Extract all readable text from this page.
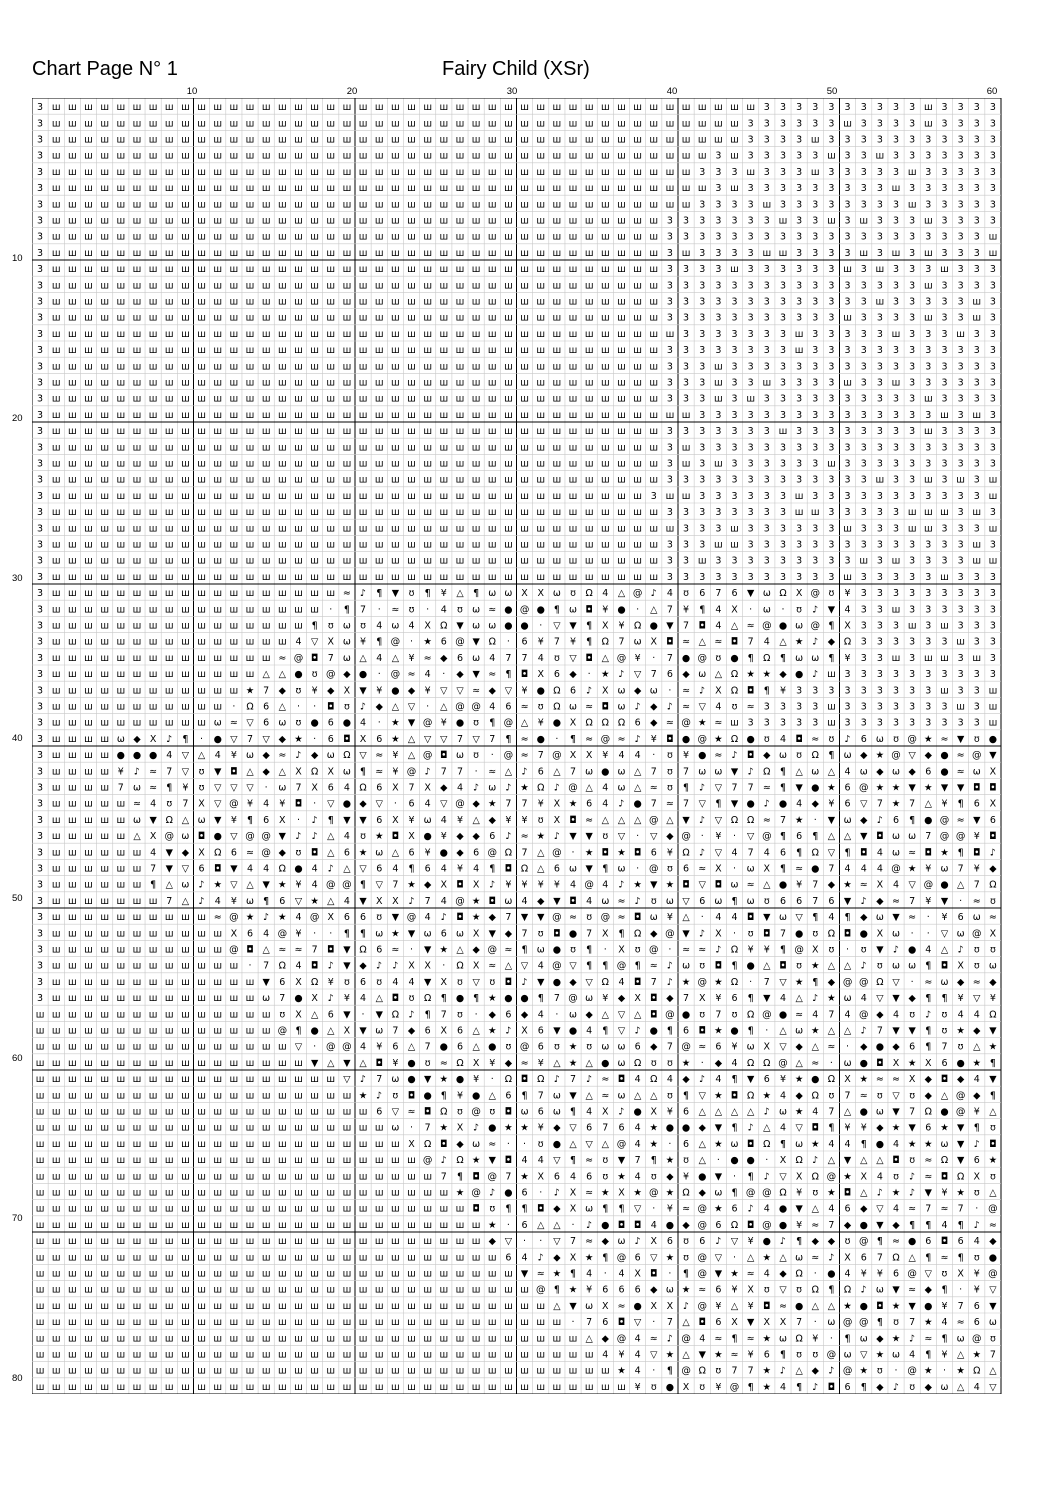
Chart Page N° 1	Fairy Child (XSr)
10	20	30	40	50	60
10
20
30
40
50
60
70
80
3 ш ш ш ш ш ш ш ш ш ш ш ш ш ш ш ш ш ш ш ш ш ш ш ш ш ш ш ш ш ш ш ш ш ш ш ш ш ш ш ш ш ш ш ш 3 3 3 3 3 3 3 3 3 3 ш 3 3 3 3
3 ш ш ш ш ш ш ш ш ш ш ш ш ш ш ш ш ш ш ш ш ш ш ш ш ш ш ш ш ш ш ш ш ш ш ш ш ш ш ш ш ш ш ш 3 3 3 3 3 3 ш 3 3 3 3 ш 3 3 3 3
3 ш ш ш ш ш ш ш ш ш ш ш ш ш ш ш ш ш ш ш ш ш ш ш ш ш ш ш ш ш ш ш ш ш ш ш ш ш ш ш ш ш ш ш 3 3 3 3 ш 3 3 3 3 3 3 3 3 3 3 3
3 ш ш ш ш ш ш ш ш ш ш ш ш ш ш ш ш ш ш ш ш ш ш ш ш ш ш ш ш ш ш ш ш ш ш ш ш ш ш ш ш ш 3 ш 3 3 3 3 3 ш 3 3 ш 3 3 3 3 3 3 3
3 ш ш ш ш ш ш ш ш ш ш ш ш ш ш ш ш ш ш ш ш ш ш ш ш ш ш ш ш ш ш ш ш ш ш ш ш ш ш ш ш 3 3 3 ш 3 3 3 ш 3 3 3 3 3 ш 3 3 3 3 3
3 ш ш ш ш ш ш ш ш ш ш ш ш ш ш ш ш ш ш ш ш ш ш ш ш ш ш ш ш ш ш ш ш ш ш ш ш ш ш ш ш ш 3 ш 3 3 3 3 3 3 3 3 3 ш 3 3 3 3 3 3
3 ш ш ш ш ш ш ш ш ш ш ш ш ш ш ш ш ш ш ш ш ш ш ш ш ш ш ш ш ш ш ш ш ш ш ш ш ш ш ш ш 3 3 3 3 ш 3 3 3 3 3 3 3 3 ш 3 3 3 3 3
3 ш ш ш ш ш ш ш ш ш ш ш ш ш ш ш ш ш ш ш ш ш ш ш ш ш ш ш ш ш ш ш ш ш ш ш ш ш ш 3 3 3 3 3 3 3 ш 3 3 ш 3 ш 3 3 3 ш 3 3 3 3
3 ш ш ш ш ш ш ш ш ш ш ш ш ш ш ш ш ш ш ш ш ш ш ш ш ш ш ш ш ш ш ш ш ш ш ш ш ш ш 3 3 3 3 3 3 3 3 3 3 3 3 3 3 3 3 3 3 3 3 ш
3 ш ш ш ш ш ш ш ш ш ш ш ш ш ш ш ш ш ш ш ш ш ш ш ш ш ш ш ш ш ш ш ш ш ш ш ш ш ш 3 ш 3 3 3 3 ш ш 3 3 3 3 ш 3 ш 3 ш 3 3 3 ш
3 ш ш ш ш ш ш ш ш ш ш ш ш ш ш ш ш ш ш ш ш ш ш ш ш ш ш ш ш ш ш ш ш ш ш ш ш ш ш 3 3 3 3 ш 3 3 3 3 3 3 ш 3 ш 3 3 3 ш 3 3 3
3 ш ш ш ш ш ш ш ш ш ш ш ш ш ш ш ш ш ш ш ш ш ш ш ш ш ш ш ш ш ш ш ш ш ш ш ш ш ш 3 3 3 3 3 3 3 3 3 3 3 3 3 3 3 3 ш 3 3 3 3
3 ш ш ш ш ш ш ш ш ш ш ш ш ш ш ш ш ш ш ш ш ш ш ш ш ш ш ш ш ш ш ш ш ш ш ш ш ш ш 3 3 3 3 3 3 3 3 3 3 3 3 3 ш 3 3 3 3 3 ш 3
3 ш ш ш ш ш ш ш ш ш ш ш ш ш ш ш ш ш ш ш ш ш ш ш ш ш ш ш ш ш ш ш ш ш ш ш ш ш ш 3 3 3 3 3 3 3 3 3 3 3 ш 3 3 3 3 ш 3 3 ш 3
3 ш ш ш ш ш ш ш ш ш ш ш ш ш ш ш ш ш ш ш ш ш ш ш ш ш ш ш ш ш ш ш ш ш ш ш ш ш ш ш 3 3 3 3 3 3 3 ш 3 3 3 3 3 ш 3 3 3 ш 3 3
3 ш ш ш ш ш ш ш ш ш ш ш ш ш ш ш ш ш ш ш ш ш ш ш ш ш ш ш ш ш ш ш ш ш ш ш ш ш ш 3 3 3 3 3 3 3 3 ш 3 3 3 3 3 3 3 3 3 3 3 3
3 ш ш ш ш ш ш ш ш ш ш ш ш ш ш ш ш ш ш ш ш ш ш ш ш ш ш ш ш ш ш ш ш ш ш ш ш ш ш 3 3 3 ш 3 3 3 3 3 3 3 3 3 3 3 3 3 3 3 3 3
3 ш ш ш ш ш ш ш ш ш ш ш ш ш ш ш ш ш ш ш ш ш ш ш ш ш ш ш ш ш ш ш ш ш ш ш ш ш ш 3 3 3 ш 3 3 ш 3 3 3 3 ш 3 3 ш 3 3 3 3 3 3
3 ш ш ш ш ш ш ш ш ш ш ш ш ш ш ш ш ш ш ш ш ш ш ш ш ш ш ш ш ш ш ш ш ш ш ш ш ш ш 3 3 3 ш 3 ш 3 3 3 3 3 3 3 3 3 3 ш 3 3 3 3
3 ш ш ш ш ш ш ш ш ш ш ш ш ш ш ш ш ш ш ш ш ш ш ш ш ш ш ш ш ш ш ш ш ш ш ш ш ш ш ш ш 3 3 3 3 3 3 3 3 3 3 3 3 3 3 3 ш 3 ш 3
3 ш ш ш ш ш ш ш ш ш ш ш ш ш ш ш ш ш ш ш ш ш ш ш ш ш ш ш ш ш ш ш ш ш ш ш ш ш ш 3 3 3 3 3 3 3 ш 3 3 3 3 3 3 3 3 ш 3 3 3 3
3 ш ш ш ш ш ш ш ш ш ш ш ш ш ш ш ш ш ш ш ш ш ш ш ш ш ш ш ш ш ш ш ш ш ш ш ш ш ш 3 ш 3 3 3 3 3 3 3 3 3 3 3 3 3 3 3 3 3 3 3
3 ш ш ш ш ш ш ш ш ш ш ш ш ш ш ш ш ш ш ш ш ш ш ш ш ш ш ш ш ш ш ш ш ш ш ш ш ш ш 3 ш 3 ш 3 3 3 3 3 3 ш 3 3 3 3 3 3 3 3 3 3
3 ш ш ш ш ш ш ш ш ш ш ш ш ш ш ш ш ш ш ш ш ш ш ш ш ш ш ш ш ш ш ш ш ш ш ш ш ш ш 3 3 3 3 3 3 3 3 3 3 3 3 3 ш 3 3 ш 3 ш 3 ш
3 ш ш ш ш ш ш ш ш ш ш ш ш ш ш ш ш ш ш ш ш ш ш ш ш ш ш ш ш ш ш ш ш ш ш ш ш ш 3 ш ш 3 3 3 3 3 3 ш 3 3 3 3 3 3 3 3 3 3 3 ш
3 ш ш ш ш ш ш ш ш ш ш ш ш ш ш ш ш ш ш ш ш ш ш ш ш ш ш ш ш ш ш ш ш ш ш ш ш ш ш 3 3 3 3 3 3 3 3 ш ш 3 3 3 3 3 ш ш ш 3 ш 3
3 ш ш ш ш ш ш ш ш ш ш ш ш ш ш ш ш ш ш ш ш ш ш ш ш ш ш ш ш ш ш ш ш ш ш ш ш ш ш ш 3 3 3 ш 3 3 3 3 3 3 ш 3 3 3 ш ш 3 3 3 ш
3 ш ш ш ш ш ш ш ш ш ш ш ш ш ш ш ш ш ш ш ш ш ш ш ш ш ш ш ш ш ш ш ш ш ш ш ш ш ш 3 3 3 ш ш 3 3 3 3 3 3 3 3 3 3 3 3 3 3 ш 3
3 ш ш ш ш ш ш ш ш ш ш ш ш ш ш ш ш ш ш ш ш ш ш ш ш ш ш ш ш ш ш ш ш ш ш ш ш ш ш 3 3 ш 3 3 3 3 3 3 3 3 3 ш 3 ш 3 3 3 3 ш ш
3 ш ш ш ш ш ш ш ш ш ш ш ш ш ш ш ш ш ш ш ш ш ш ш ш ш ш ш ш ш ш ш ш ш ш ш ш ш ш 3 3 3 3 3 3 3 3 3 3 3 ш 3 3 3 3 3 ш 3 3 3
3 ш ш ш ш ш ш ш ш ш ш ш ш ш ш ш ш ш ш ≈ ♪ ¶ ▼ ʊ ¶ ¥ △ ¶ ω ω X X ω ʊ Ω 4 △ @ ♪ 4 ʊ 6 7 6 ▼ ω Ω X @ ʊ ¥ 3 3 3 3 3 3 3 3 3
3 ш ш ш ш ш ш ш ш ш ш ш ш ш ш ш ш ш · ¶ 7 · ≈ ʊ · 4 ʊ ω ≈ ● @ ● ¶ ω ◘ ¥ ● · △ 7 ¥ ¶ 4 X · ω · ʊ ♪ ▼ 4 3 3 ш 3 3 3 3 3 3
3 ш ш ш ш ш ш ш ш ш ш ш ш ш ш ш ш ¶ ʊ ω ʊ 4 ω 4 X Ω ▼ ω ω ● ● · ▽ ▼ ¶ X ¥ Ω ● ▼ 7 ◘ 4 △ ≈ @ ● ω @ ¶ X 3 3 3 ш 3 ш 3 3 3
3 ш ш ш ш ш ш ш ш ш ш ш ш ш ш ш 4 ▽ X ω ¥ ¶ @ · ★ 6 @ ▼ Ω · 6 ¥ 7 ¥ ¶ Ω 7 ω X ◘ ≈ △ ≈ ◘ 7 4 △ ★ ♪ ◆ Ω 3 3 3 3 3 3 ш 3 3
3 ш ш ш ш ш ш ш ш ш ш ш ш ш ш ≈ @ ◘ 7 ω △ 4 △ ¥ ≈ ◆ 6 ω 4 7 7 4 ʊ ▽ ◘ △ @ ¥ · 7 ● @ ʊ ● ¶ Ω ¶ ω ω ¶ ¥ 3 3 ш 3 ш ш 3 ш 3
3 ш ш ш ш ш ш ш ш ш ш ш ш ш △ △ ● ʊ @ ◆ ● · @ ≈ 4 · ◆ ▼ ≈ ¶ ◘ X 6 ◆ · ★ ♪ ▽ 7 6 ◆ ω △ Ω ★ ★ ◆ ● ♪ ш 3 3 3 3 3 3 3 3 3 3
3 ш ш ш ш ш ш ш ш ш ш ш ш ★ 7 ◆ ʊ ¥ ◆ X ▼ ¥ ● ◆ ¥ ▽ ▽ ≈ ◆ ▽ ¥ ● Ω 6 ♪ X ω ◆ ω · ≈ ♪ X Ω ◘ ¶ ¥ 3 3 3 3 3 3 3 3 3 ш 3 3 ш
3 ш ш ш ш ш ш ш ш ш ш ш · Ω 6 △ · · ◘ ʊ ♪ ◆ △ ▽ · △ @ @ 4 6 ≈ ʊ Ω ω ≈ ◘ ω ♪ ◆ ♪ ≈ ▽ 4 ʊ ≈ 3 3 3 3 ш 3 3 3 3 3 3 3 ш 3 ш
3 ш ш ш ш ш ш ш ш ш ш ω ≈ ▽ 6 ω ʊ ● 6 ● 4 · ★ ▼ @ ¥ ● ʊ ¶ @ △ ¥ ● X Ω Ω Ω 6 ◆ ≈ @ ★ ≈ ш 3 3 3 3 3 ш 3 3 3 3 3 3 3 3 3 ш
3 ш ш ш ш ω ◆ X ♪ ¶ · ● ▽ 7 ▽ ◆ ★ · 6 ◘ X 6 ★ △ ▽ ▽ 7 ▽ 7 ¶ ≈ ● · ¶ ≈ @ ≈ ♪ ¥ ◘ ● @ ★ Ω ● ʊ 4 ◘ ≈ ʊ ♪ 6 ω ʊ @ ★ ≈ ▼ ʊ ●
3 ш ш ш ш ● ● ● 4 ▽ △ 4 ¥ ω ◆ ≈ ♪ ◆ ω Ω ▽ ≈ ¥ △ @ ◘ ω ʊ · @ ≈ 7 @ X X ¥ 4 4 · ʊ ¥ ● ≈ ♪ ◘ ◆ ω ʊ Ω ¶ ω ◆ ★ @ ▽ ◆ ● ≈ @ ▼
3 ш ш ш ш ¥ ♪ ≈ 7 ▽ ʊ ▼ ◘ △ ◆ △ X Ω X ω ¶ ≈ ¥ @ ♪ 7 7 · ≈ △ ♪ 6 △ 7 ω ● ω △ 7 ʊ 7 ω ω ▼ ♪ Ω ¶ △ ω △ 4 ω ◆ ω ◆ 6 ● ≈ ω X
3 ш ш ш ш 7 ω ≈ ¶ ¥ ʊ ▽ ▽ ▽ · ω 7 X 6 4 Ω 6 X 7 X ◆ 4 ♪ ω ♪ ★ Ω ♪ @ △ 4 ω △ ≈ ʊ ¶ ♪ ▽ 7 7 ≈ ¶ ▼ ● ★ 6 @ ★ ★ ▼ ★ ▼ ▼ ◘ ◘
3 ш ш ш ш ш ≈ 4 ʊ 7 X ▽ @ ¥ 4 ¥ ◘ · ▽ ● ◆ ▽ · 6 4 ▽ @ ◆ ★ 7 7 ¥ X ★ 6 4 ♪ ● 7 ≈ 7 ▽ ¶ ▼ ● ♪ ● 4 ◆ ¥ 6 ▽ 7 ★ 7 △ ¥ ¶ 6 X
3 ш ш ш ш ш ω ▼ Ω △ ω ▼ ¥ ¶ 6 X · ♪ ¶ ▼ ▼ 6 X ¥ ω 4 ¥ △ ◆ ¥ ¥ ʊ X ◘ ≈ △ △ △ @ △ ▼ ♪ ▽ Ω Ω ≈ 7 ★ · ▼ ω ◆ ♪ 6 ¶ ● @ ≈ ▼ 6
3 ш ш ш ш ш △ X @ ω ◘ ● ▽ @ @ ▼ ♪ ♪ △ 4 ʊ ★ ◘ X ● ¥ ◆ ◆ 6 ♪ ≈ ★ ♪ ▼ ▼ ʊ ▽ · ▽ ◆ @ · ¥ · ▽ @ ¶ 6 ¶ △ △ ▼ ◘ ω ω 7 @ @ ¥ ◘
3 ш ш ш ш ш ш 4 ▼ ◆ X Ω 6 ≈ @ ◆ ʊ ◘ △ 6 ★ ω △ 6 ¥ ● ◆ 6 @ Ω 7 △ @ · ★ ◘ ★ ◘ 6 ¥ Ω ♪ ▽ 4 7 4 6 ¶ Ω ▽ ¶ ◘ 4 ω ≈ ◘ ★ ¶ ◘ ♪
3 ш ш ш ш ш ш 7 ▼ ▽ 6 ◘ ▼ 4 4 Ω ● 4 ♪ △ ▽ 6 4 ¶ 6 4 ¥ 4 ¶ ◘ Ω △ 6 ω ▼ ¶ ω · @ ʊ 6 ≈ X · ω X ¶ ≈ ● 7 4 4 4 @ ★ ¥ ω 7 ¥ ◆
3 ш ш ш ш ш ш ¶ △ ω ♪ ★ ▽ △ ▼ ★ ¥ 4 @ @ ¶ ▽ 7 ★ ◆ X ◘ X ♪ ¥ ¥ ¥ ¥ 4 @ 4 ♪ ★ ▼ ★ ◘ ▽ ◘ ω ≈ △ ● ¥ 7 ◆ ★ ≈ X 4 ▽ @ ● △ 7 Ω
3 ш ш ш ш ш ш ш 7 △ ♪ 4 ¥ ω ¶ 6 ▽ ★ △ 4 ▼ X X ♪ 7 4 @ ★ ◘ ω 4 ◆ ▼ ◘ 4 ω ≈ ♪ ʊ ω ▽ 6 ω ¶ ω ʊ 6 6 7 6 ▼ ♪ ◆ ≈ 7 ¥ ▼ · ≈ ʊ
3 ш ш ш ш ш ш ш ш ш ш ≈ @ ★ ♪ ★ 4 @ X 6 6 ʊ ▼ @ 4 ♪ ◘ ★ ◆ 7 ▼ ▼ @ ≈ ʊ @ ≈ ◘ ω ¥ △ · 4 4 ◘ ▼ ω ▽ ¶ 4 ¶ ◆ ω ▼ ≈ · ¥ 6 ω ≈
3 ш ш ш ш ш ш ш ш ш ш ш X 6 4 @ ¥ · · ¶ ¶ ω ★ ▼ ω 6 ω X ▼ ◆ 7 ʊ ◘ ● 7 X ¶ Ω ◆ @ ▼ ♪ X · ʊ ◘ 7 ● ʊ Ω ◘ ● X ω · · ▽ ω @ X
3 ш ш ш ш ш ш ш ш ш ш ш @ ◘ △ ≈ ≈ 7 ◘ ▼ Ω 6 ≈ · ▼ ★ △ ◆ @ ≈ ¶ ω ● ʊ ¶ · X ʊ @ · ≈ ≈ ♪ Ω ¥ ¥ ¶ @ X ʊ · ʊ ▼ ♪ ● 4 △ ♪ ʊ ʊ
3 ш ш ш ш ш ш ш ш ш ш ш ш · 7 Ω 4 ◘ ♪ ▼ ◆ ♪ ♪ X X · Ω X ≈ △ ▽ 4 @ ▽ ¶ ¶ @ ¶ ≈ ♪ ω ʊ ◘ ¶ ● △ ◘ ʊ ★ △ △ ♪ ʊ ω ω ¶ ◘ X ʊ ω
3 ш ш ш ш ш ш ш ш ш ш ш ш ш ▼ 6 X Ω ¥ ʊ 6 ʊ 4 4 ▼ X ʊ ▽ ʊ ◘ ♪ ▼ ● ◆ ▽ Ω 4 ◘ 7 ♪ ★ @ ★ Ω · 7 ▽ ★ ¶ ◆ @ @ Ω ▽ · ≈ ω ◆ ≈ ◆
3 ш ш ш ш ш ш ш ш ш ш ш ш ш ω 7 ● X ♪ ¥ 4 △ ◘ ʊ Ω ¶ ● ¶ ★ ● ● ¶ 7 @ ω ¥ ◆ X ◘ ◆ 7 X ¥ 6 ¶ ▼ 4 △ ♪ ★ ω 4 ▽ ▼ ◆ ¶ ¶ ¥ ▽ ¥
ш ш ш ш ш ш ш ш ш ш ш ш ш ш ш ʊ X △ 6 ▼ · ▼ Ω ♪ ¶ 7 ʊ · ◆ 6 ◆ 4 · ω ◆ △ ▽ △ ◘ @ ● ʊ 7 ʊ Ω @ ● ≈ 4 7 4 @ ◆ 4 ʊ ♪ ʊ 4 4 Ω
ш ш ш ш ш ш ш ш ш ш ш ш ш ш ш @ ¶ ● △ X ▼ ω 7 ◆ 6 X 6 △ ★ ♪ X 6 ▼ ● 4 ¶ ▽ ♪ ● ¶ 6 ◘ ★ ● ¶ · △ ω ★ △ △ ♪ 7 ▼ ▼ ¶ ʊ ★ ◆ ▼
ш ш ш ш ш ш ш ш ш ш ш ш ш ш ш ш ▽ · @ @ 4 ¥ 6 △ 7 ● 6 △ ● ʊ @ 6 ʊ ★ ʊ ω ω 6 ◆ 7 @ ≈ 6 ¥ ω X ▽ ◆ △ ≈ · ◆ ● ◆ 6 ¶ 7 ʊ △ ★
ш ш ш ш ш ш ш ш ш ш ш ш ш ш ш ш ш ▼ △ ▼ △ ◘ ¥ ● ʊ ≈ Ω X ¥ ◆ ≈ ¥ △ ★ △ ● ω Ω ʊ ʊ ★ · ◆ 4 Ω Ω @ △ ≈ · ω ● ◘ X ★ X 6 ● ★ ¶
ш ш ш ш ш ш ш ш ш ш ш ш ш ш ш ш ш ш ш ▽ ♪ 7 ω ● ▼ ★ ● ¥ · Ω ◘ Ω ♪ 7 ♪ ≈ ◘ 4 Ω 4 ◆ ♪ 4 ¶ ▼ 6 ¥ ★ ● Ω X ★ ≈ ≈ X ◆ ◘ ◆ 4 ▼
ш ш ш ш ш ш ш ш ш ш ш ш ш ш ш ш ш ш ш ш ★ ♪ ʊ ◘ ● ¶ ¥ ● △ 6 ¶ 7 ω ▼ △ ≈ ω △ △ ʊ ¶ ▽ ★ ◘ Ω ★ 4 ◆ Ω ʊ 7 ≈ ʊ ▽ ʊ ◆ △ @ ◆ ¶
ш ш ш ш ш ш ш ш ш ш ш ш ш ш ш ш ш ш ш ш ш 6 ▽ ≈ ◘ Ω ʊ @ ʊ ◘ ω 6 ω ¶ 4 X ♪ ● X ¥ 6 △ △ △ △ ♪ ω ★ 4 7 △ ● ω ▼ 7 Ω ● @ ¥ △
ш ш ш ш ш ш ш ш ш ш ш ш ш ш ш ш ш ш ш ш ш ш ω · 7 ★ X ♪ ● ★ ★ ¥ ◆ ▽ 6 7 6 4 ★ ● ● ◆ ▼ ¶ ♪ △ 4 ▽ ◘ ¶ ¥ ¥ ◆ ★ ▼ 6 ★ ▼ ¶ ʊ
ш ш ш ш ш ш ш ш ш ш ш ш ш ш ш ш ш ш ш ш ш ш ш X Ω ◘ ◆ ω ≈ · · ʊ ● △ ▽ △ @ 4 ★ · 6 △ ★ ω ◘ Ω ¶ ω ★ 4 4 ¶ ● 4 ★ ★ ω ▼ ♪ ◘
ш ш ш ш ш ш ш ш ш ш ш ш ш ш ш ш ш ш ш ш ш ш ш ш @ ♪ Ω ★ ▼ ◘ 4 4 ▽ ¶ ≈ ʊ ▼ 7 ¶ ★ ʊ △ · ● ● · X Ω ♪ △ ▼ △ △ ◘ ʊ ≈ Ω ▼ 6 ★
ш ш ш ш ш ш ш ш ш ш ш ш ш ш ш ш ш ш ш ш ш ш ш ш ш 7 ¶ ◘ @ 7 ★ X 6 4 6 ʊ ★ 4 ʊ ◆ ¥ ● ▼ · ¶ ♪ ▽ X Ω @ ★ X 4 ʊ ♪ ≈ ◘ Ω X ʊ
ш ш ш ш ш ш ш ш ш ш ш ш ш ш ш ш ш ш ш ш ш ш ш ш ш ш ★ @ ♪ ● 6 · ♪ X ≈ ★ X ★ @ ★ Ω ◆ ω ¶ @ @ Ω ¥ ʊ ★ ◘ △ ♪ ★ ♪ ▼ ¥ ★ ʊ △
ш ш ш ш ш ш ш ш ш ш ш ш ш ш ш ш ш ш ш ш ш ш ш ш ш ш ш ◘ ʊ ¶ ¶ ◘ ◆ X ω ¶ ¶ ▽ · ¥ ≈ @ ★ 6 ♪ 4 ● ▼ △ 4 6 ◆ ▽ 4 ≈ 7 ≈ 7 · @
ш ш ш ш ш ш ш ш ш ш ш ш ш ш ш ш ш ш ш ш ш ш ш ш ш ш ш ш ★ · 6 △ △ · ♪ ● ◘ ◘ 4 ● ◆ @ 6 Ω ◘ @ ● ¥ ≈ 7 ◆ ● ▼ ◆ ¶ ¶ 4 ¶ ♪ ≈
ш ш ш ш ш ш ш ш ш ш ш ш ш ш ш ш ш ш ш ш ш ш ш ш ш ш ш ш ◆ ▽ · · ▽ 7 ≈ ◆ ω ♪ X 6 ʊ 6 ♪ ▽ ¥ ● ♪ ¶ ◆ ◆ ʊ @ ¶ ≈ ● 6 ◘ 6 4 ◆
ш ш ш ш ш ш ш ш ш ш ш ш ш ш ш ш ш ш ш ш ш ш ш ш ш ш ш ш ш 6 4 ♪ ◆ X ★ ¶ @ 6 ▽ ★ ʊ @ ▽ · △ ★ △ ω ≈ ♪ X 6 7 Ω △ ¶ ≈ ¶ ʊ ●
ш ш ш ш ш ш ш ш ш ш ш ш ш ш ш ш ш ш ш ш ш ш ш ш ш ш ш ш ш ш ▼ ≈ ★ ¶ 4 · 4 X ◘ · ¶ @ ▼ ★ ≈ 4 ◆ Ω · ● 4 ¥ ¥ 6 @ ▽ ʊ X ¥ @
ш ш ш ш ш ш ш ш ш ш ш ш ш ш ш ш ш ш ш ш ш ш ш ш ш ш ш ш ш ш ш @ ¶ ★ ¥ 6 6 6 ◆ ω ★ ≈ 6 ¥ X ʊ ▽ ʊ Ω ¶ Ω ♪ ω ▼ ≈ ◆ ¶ · ¥ ▽
ш ш ш ш ш ш ш ш ш ш ш ш ш ш ш ш ш ш ш ш ш ш ш ш ш ш ш ш ш ш ш ш △ ▼ ω X ≈ ● X X ♪ @ ¥ △ ¥ ◘ ≈ ● △ △ ★ ● ◘ ★ ▼ ● ¥ 7 6 ▼
ш ш ш ш ш ш ш ш ш ш ш ш ш ш ш ш ш ш ш ш ш ш ш ш ш ш ш ш ш ш ш ш ш · 7 6 ◘ ▽ · 7 △ ◘ 6 X ▼ X X 7 · ω @ @ ¶ ʊ 7 ★ 4 ≈ 6 ω
ш ш ш ш ш ш ш ш ш ш ш ш ш ш ш ш ш ш ш ш ш ш ш ш ш ш ш ш ш ш ш ш ш ш △ ◆ @ 4 ≈ ♪ @ 4 ≈ ¶ ≈ ★ ω Ω ¥ · ¶ ω ◆ ★ ♪ ≈ ¶ ω @ ʊ
ш ш ш ш ш ш ш ш ш ш ш ш ш ш ш ш ш ш ш ш ш ш ш ш ш ш ш ш ш ш ш ш ш ш ш 4 ¥ 4 ▽ ★ △ ▼ ★ ≈ ¥ 6 ¶ ʊ ʊ @ ω ▽ ★ ω 4 ¶ ¥ △ ★ 7
ш ш ш ш ш ш ш ш ш ш ш ш ш ш ш ш ш ш ш ш ш ш ш ш ш ш ш ш ш ш ш ш ш ш ш ш ★ 4 · ¶ @ Ω ʊ 7 7 ★ ♪ △ ◆ ♪ @ ★ ʊ · @ ★ · ★ Ω △
ш ш ш ш ш ш ш ш ш ш ш ш ш ш ш ш ш ш ш ш ш ш ш ш ш ш ш ш ш ш ш ш ш ш ш ш ш ¥ ʊ ● X ʊ ¥ @ ¶ ★ 4 ¶ ♪ ◘ 6 ¶ ◆ ♪ ʊ ◆ ω △ 4 ▽
